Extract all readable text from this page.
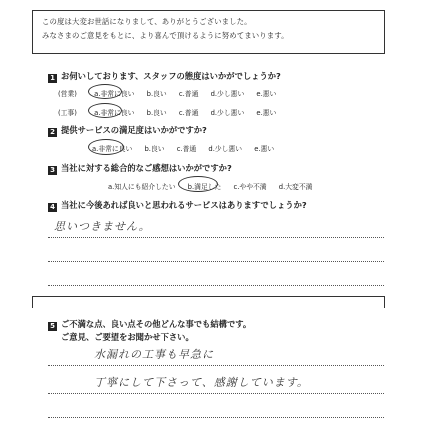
この度は大変お世話になりまして、ありがとうございました。
みなさまのご意見をもとに、より喜んで頂けるように努めてまいります。
1 お伺いしております、スタッフの態度はいかがでしょうか?
(営業)	a.非常に良い b.良い c.普通 d.少し悪い e.悪い
(工事)	a.非常に良い b.良い c.普通 d.少し悪い e.悪い
2 提供サービスの満足度はいかがですか?
a.非常に良い b.良い c.普通 d.少し悪い e.悪い
3 当社に対する総合的なご感想はいかがですか?
a.知人にも紹介したい b.満足した c.やや不満 d.大変不満
4 当社に今後あれば良いと思われるサービスはありますでしょうか?
思いつきません。
5 ご不満な点、良い点その他どんな事でも結構です。
ご意見、ご要望をお聞かせ下さい。
水漏れの工事も早急に
丁寧にして下さって、感謝しています。
